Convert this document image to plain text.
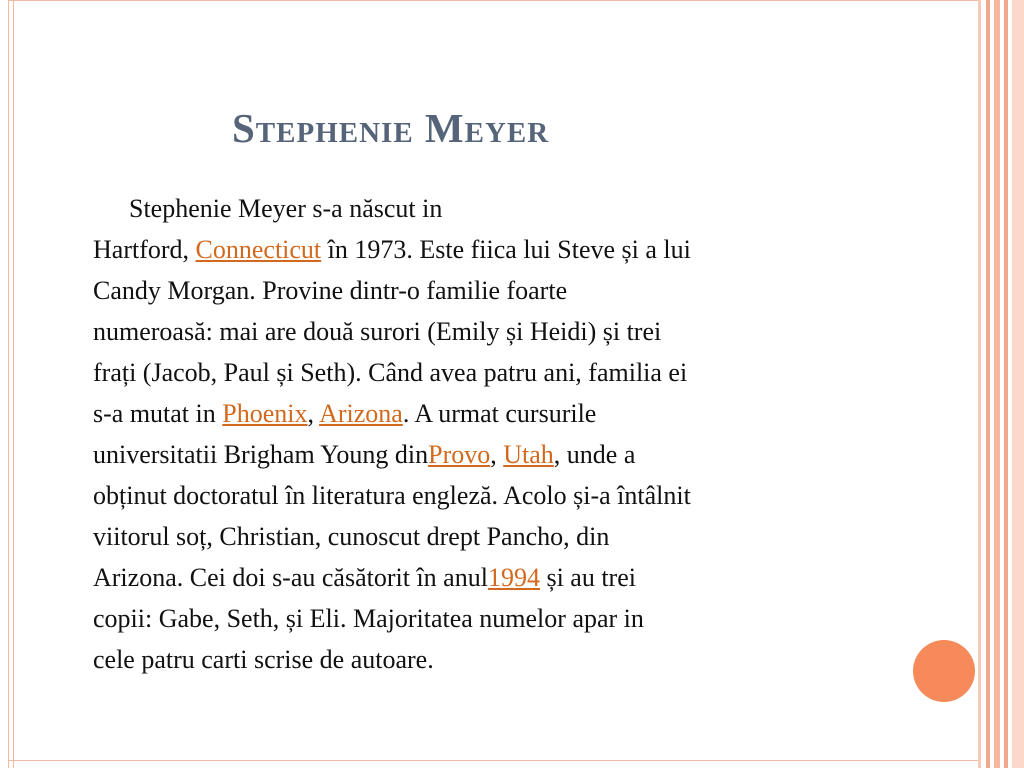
Stephenie Meyer
Stephenie Meyer s-a născut in
Hartford, Connecticut în 1973. Este fiica lui Steve și a lui
Candy Morgan. Provine dintr-o familie foarte
numeroasă: mai are două surori (Emily și Heidi) și trei
frați (Jacob, Paul și Seth). Când avea patru ani, familia ei
s-a mutat in Phoenix, Arizona. A urmat cursurile
universitatii Brigham Young dinProvo, Utah, unde a
obținut doctoratul în literatura engleză. Acolo și-a întâlnit
viitorul soț, Christian, cunoscut drept Pancho, din
Arizona. Cei doi s-au căsătorit în anul1994 și au trei
copii: Gabe, Seth, și Eli. Majoritatea numelor apar in
cele patru carti scrise de autoare.
